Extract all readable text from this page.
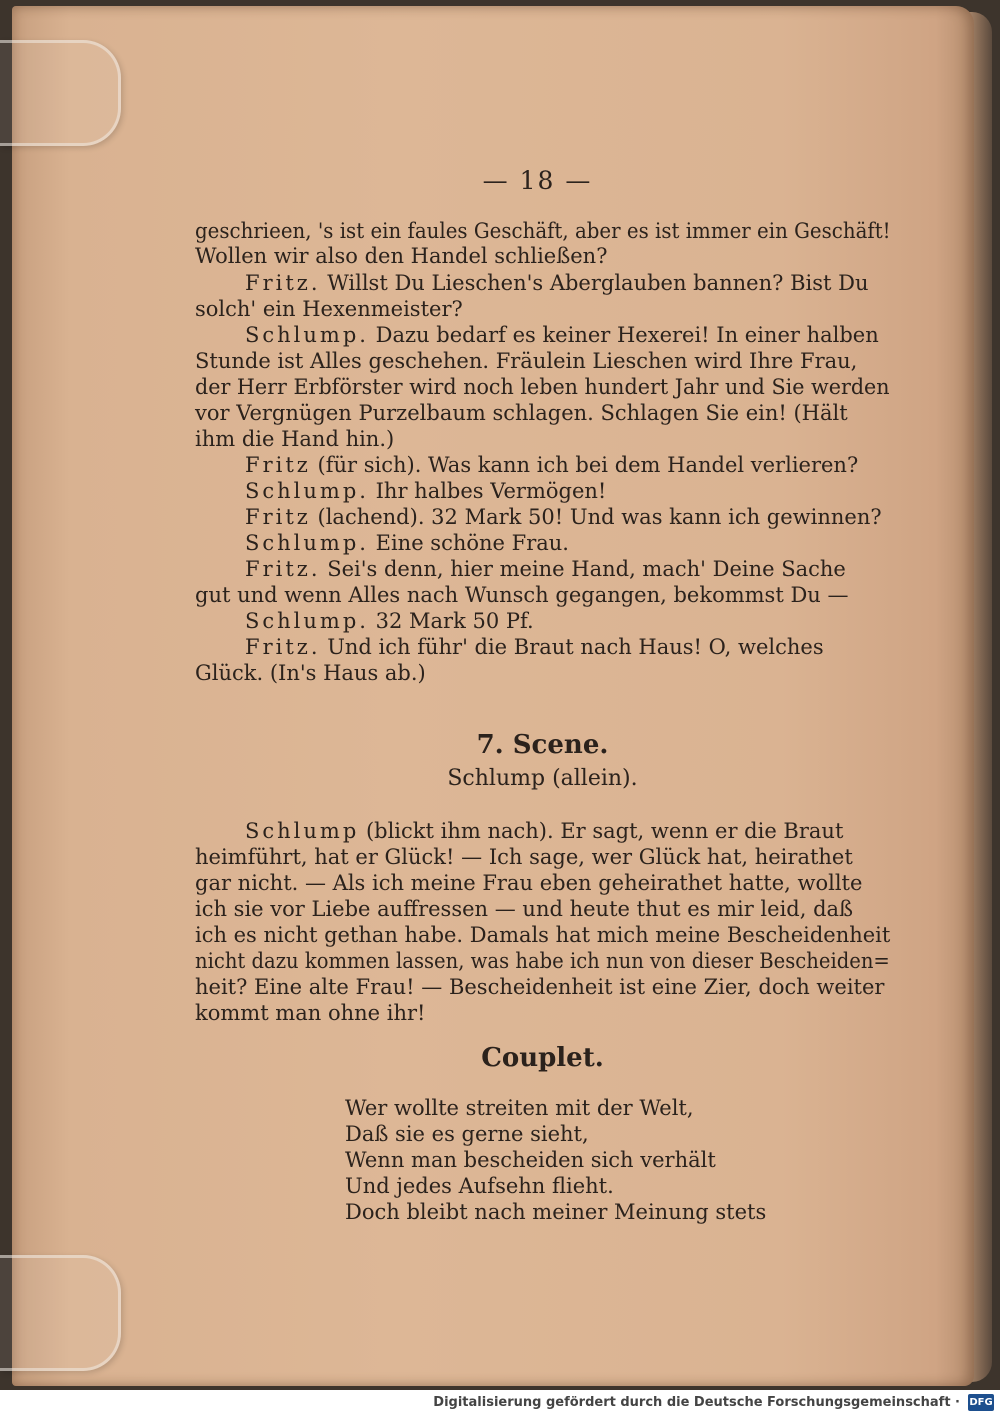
— 18 —
geschrieen, 's ist ein faules Geschäft, aber es ist immer ein Geschäft!
Wollen wir also den Handel schließen?
Fritz. Willst Du Lieschen's Aberglauben bannen? Bist Du
solch' ein Hexenmeister?
Schlump. Dazu bedarf es keiner Hexerei! In einer halben
Stunde ist Alles geschehen. Fräulein Lieschen wird Ihre Frau,
der Herr Erbförster wird noch leben hundert Jahr und Sie werden
vor Vergnügen Purzelbaum schlagen. Schlagen Sie ein! (Hält
ihm die Hand hin.)
Fritz (für sich). Was kann ich bei dem Handel verlieren?
Schlump. Ihr halbes Vermögen!
Fritz (lachend). 32 Mark 50! Und was kann ich gewinnen?
Schlump. Eine schöne Frau.
Fritz. Sei's denn, hier meine Hand, mach' Deine Sache
gut und wenn Alles nach Wunsch gegangen, bekommst Du —
Schlump. 32 Mark 50 Pf.
Fritz. Und ich führ' die Braut nach Haus! O, welches
Glück. (In's Haus ab.)
7. Scene.
Schlump (allein).
Schlump (blickt ihm nach). Er sagt, wenn er die Braut
heimführt, hat er Glück! — Ich sage, wer Glück hat, heirathet
gar nicht. — Als ich meine Frau eben geheirathet hatte, wollte
ich sie vor Liebe auffressen — und heute thut es mir leid, daß
ich es nicht gethan habe. Damals hat mich meine Bescheidenheit
nicht dazu kommen lassen, was habe ich nun von dieser Bescheiden=
heit? Eine alte Frau! — Bescheidenheit ist eine Zier, doch weiter
kommt man ohne ihr!
Couplet.
Wer wollte streiten mit der Welt,
Daß sie es gerne sieht,
Wenn man bescheiden sich verhält
Und jedes Aufsehn flieht.
Doch bleibt nach meiner Meinung stets
Digitalisierung gefördert durch die Deutsche Forschungsgemeinschaft · DFG
